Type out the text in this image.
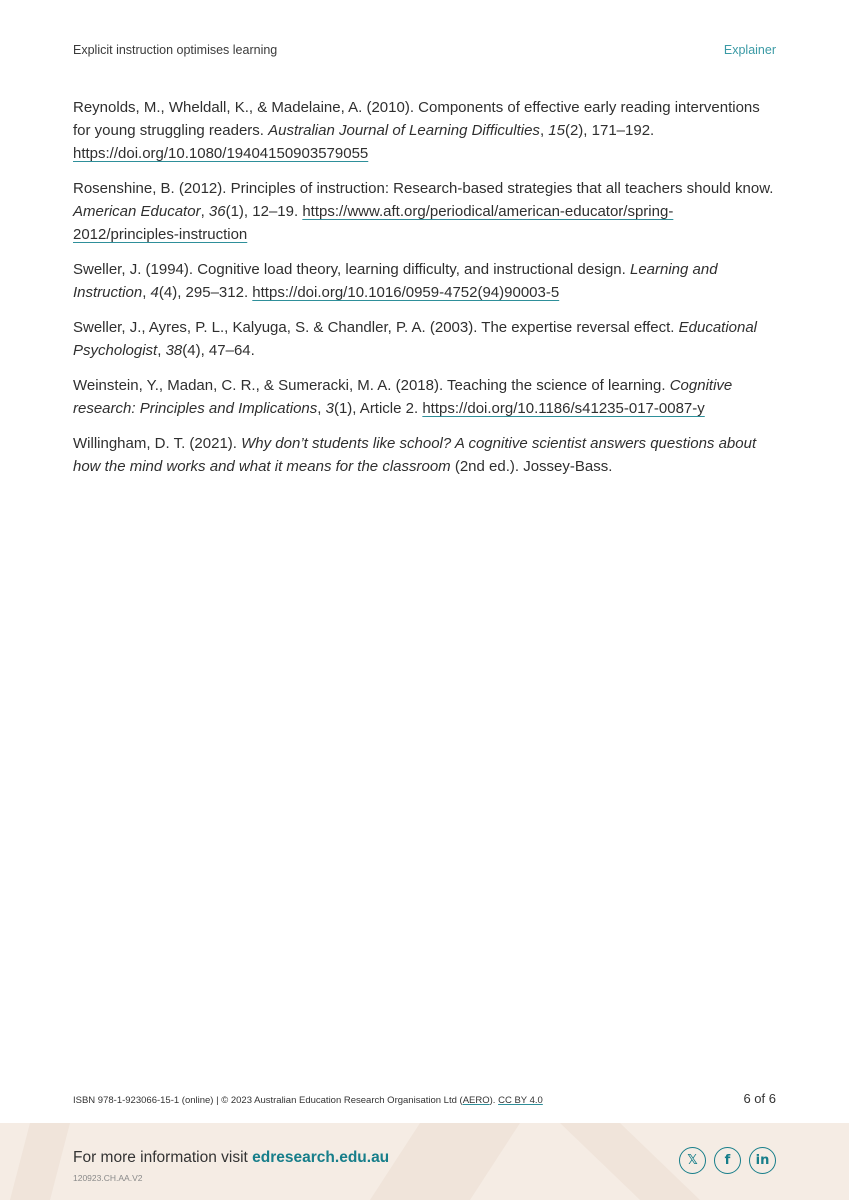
Explicit instruction optimises learning	Explainer

Reynolds, M., Wheldall, K., & Madelaine, A. (2010). Components of effective early reading interventions for young struggling readers. Australian Journal of Learning Difficulties, 15(2), 171–192. https://doi.org/10.1080/19404150903579055

Rosenshine, B. (2012). Principles of instruction: Research-based strategies that all teachers should know. American Educator, 36(1), 12–19. https://www.aft.org/periodical/american-educator/spring-2012/principles-instruction

Sweller, J. (1994). Cognitive load theory, learning difficulty, and instructional design. Learning and Instruction, 4(4), 295–312. https://doi.org/10.1016/0959-4752(94)90003-5

Sweller, J., Ayres, P. L., Kalyuga, S. & Chandler, P. A. (2003). The expertise reversal effect. Educational Psychologist, 38(4), 47–64.

Weinstein, Y., Madan, C. R., & Sumeracki, M. A. (2018). Teaching the science of learning. Cognitive research: Principles and Implications, 3(1), Article 2. https://doi.org/10.1186/s41235-017-0087-y

Willingham, D. T. (2021). Why don’t students like school? A cognitive scientist answers questions about how the mind works and what it means for the classroom (2nd ed.). Jossey-Bass.

ISBN 978-1-923066-15-1 (online) | © 2023 Australian Education Research Organisation Ltd (AERO). CC BY 4.0	6 of 6
For more information visit edresearch.edu.au
120923.CH.AA.V2
𝕏	f	in
